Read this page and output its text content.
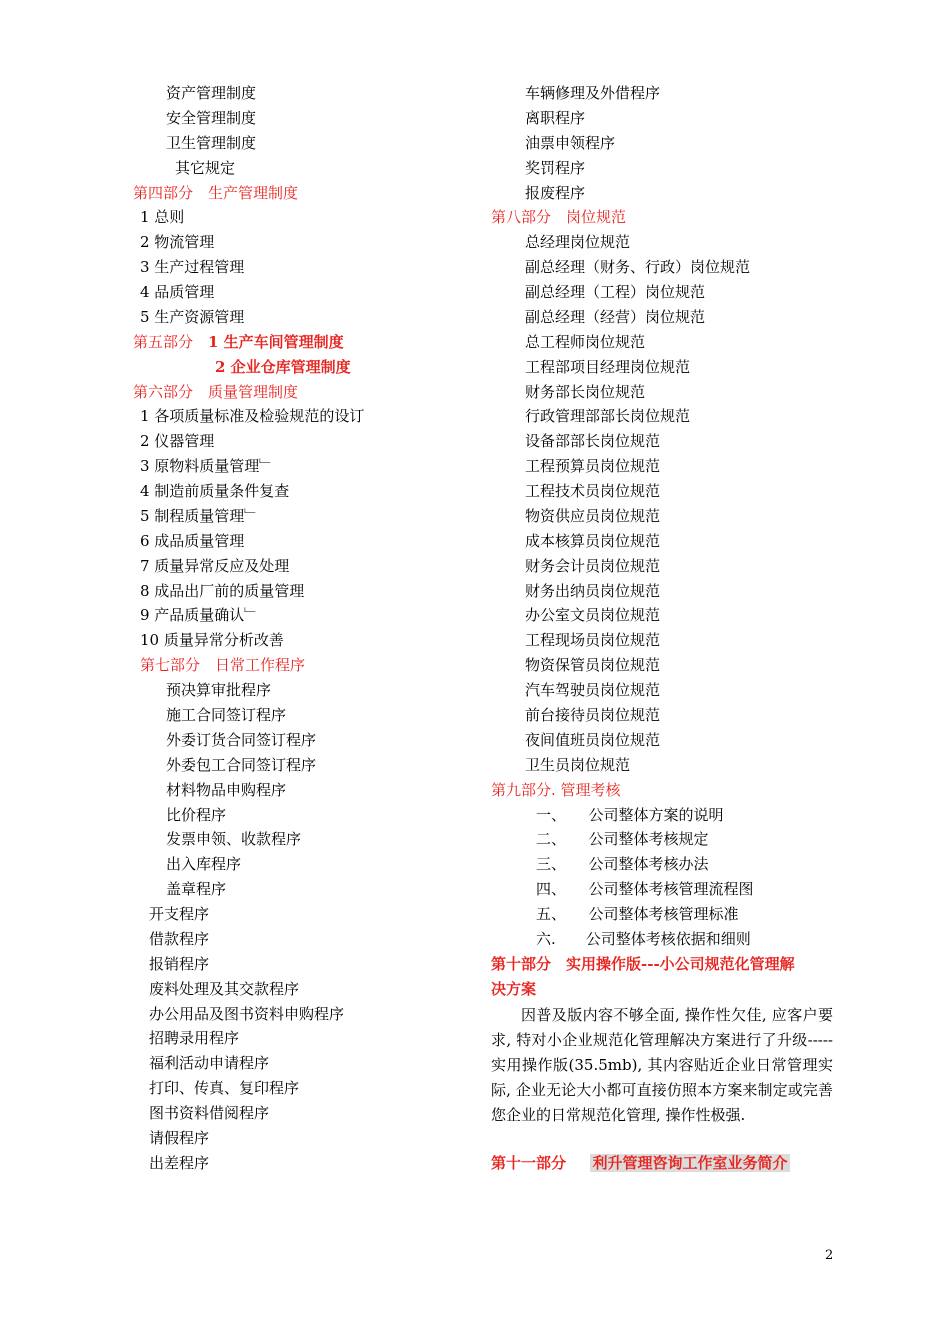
资产管理制度
安全管理制度
卫生管理制度
其它规定
第四部分　生产管理制度
1 总则
2 物流管理
3 生产过程管理
4 品质管理
5 生产资源管理
第五部分　1 生产车间管理制度
2 企业仓库管理制度
第六部分　质量管理制度
1 各项质量标准及检验规范的设订
2 仪器管理
3 原物料质量管理﹂
4 制造前质量条件复查
5 制程质量管理﹂
6 成品质量管理
7 质量异常反应及处理
8 成品出厂前的质量管理
9 产品质量确认﹂
10 质量异常分析改善
第七部分　日常工作程序
预决算审批程序
施工合同签订程序
外委订货合同签订程序
外委包工合同签订程序
材料物品申购程序
比价程序
发票申领、收款程序
出入库程序
盖章程序
开支程序
借款程序
报销程序
废料处理及其交款程序
办公用品及图书资料申购程序
招聘录用程序
福利活动申请程序
打印、传真、复印程序
图书资料借阅程序
请假程序
出差程序
车辆修理及外借程序
离职程序
油票申领程序
奖罚程序
报废程序
第八部分　岗位规范
总经理岗位规范
副总经理（财务、行政）岗位规范
副总经理（工程）岗位规范
副总经理（经营）岗位规范
总工程师岗位规范
工程部项目经理岗位规范
财务部长岗位规范
行政管理部部长岗位规范
设备部部长岗位规范
工程预算员岗位规范
工程技术员岗位规范
物资供应员岗位规范
成本核算员岗位规范
财务会计员岗位规范
财务出纳员岗位规范
办公室文员岗位规范
工程现场员岗位规范
物资保管员岗位规范
汽车驾驶员岗位规范
前台接待员岗位规范
夜间值班员岗位规范
卫生员岗位规范
第九部分. 管理考核
一、　　公司整体方案的说明
二、　　公司整体考核规定
三、　　公司整体考核办法
四、　　公司整体考核管理流程图
五、　　公司整体考核管理标准
六.　　公司整体考核依据和细则
第十部分　实用操作版---小公司规范化管理解
决方案
因普及版内容不够全面, 操作性欠佳, 应客户要求, 特对小企业规范化管理解决方案进行了升级-----实用操作版(35.5mb), 其内容贴近企业日常管理实际, 企业无论大小都可直接仿照本方案来制定或完善您企业的日常规范化管理, 操作性极强.
第十一部分 利升管理咨询工作室业务简介
2
